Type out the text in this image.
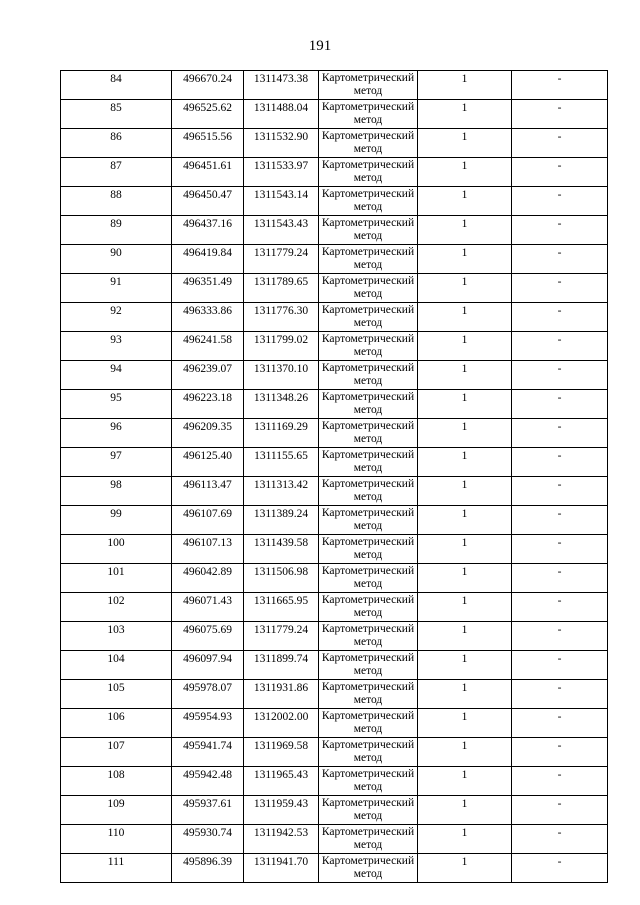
191
84	496670.24	1311473.38	Картометрический метод	1	-
85	496525.62	1311488.04	Картометрический метод	1	-
86	496515.56	1311532.90	Картометрический метод	1	-
87	496451.61	1311533.97	Картометрический метод	1	-
88	496450.47	1311543.14	Картометрический метод	1	-
89	496437.16	1311543.43	Картометрический метод	1	-
90	496419.84	1311779.24	Картометрический метод	1	-
91	496351.49	1311789.65	Картометрический метод	1	-
92	496333.86	1311776.30	Картометрический метод	1	-
93	496241.58	1311799.02	Картометрический метод	1	-
94	496239.07	1311370.10	Картометрический метод	1	-
95	496223.18	1311348.26	Картометрический метод	1	-
96	496209.35	1311169.29	Картометрический метод	1	-
97	496125.40	1311155.65	Картометрический метод	1	-
98	496113.47	1311313.42	Картометрический метод	1	-
99	496107.69	1311389.24	Картометрический метод	1	-
100	496107.13	1311439.58	Картометрический метод	1	-
101	496042.89	1311506.98	Картометрический метод	1	-
102	496071.43	1311665.95	Картометрический метод	1	-
103	496075.69	1311779.24	Картометрический метод	1	-
104	496097.94	1311899.74	Картометрический метод	1	-
105	495978.07	1311931.86	Картометрический метод	1	-
106	495954.93	1312002.00	Картометрический метод	1	-
107	495941.74	1311969.58	Картометрический метод	1	-
108	495942.48	1311965.43	Картометрический метод	1	-
109	495937.61	1311959.43	Картометрический метод	1	-
110	495930.74	1311942.53	Картометрический метод	1	-
111	495896.39	1311941.70	Картометрический метод	1	-
